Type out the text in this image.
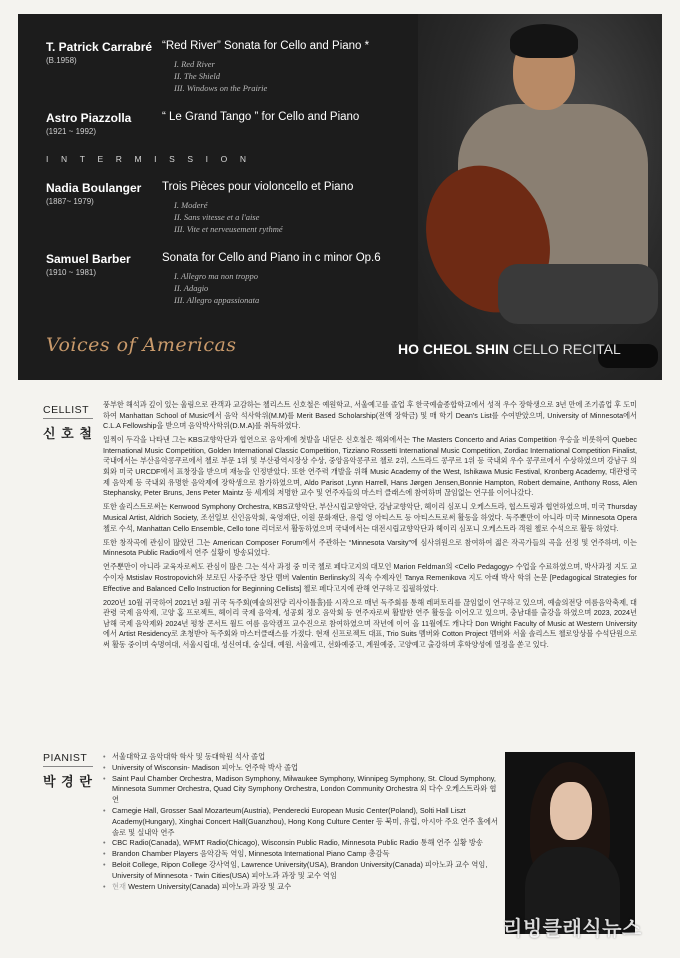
T. Patrick Carrabré
(B.1958)
“Red River” Sonata for Cello and Piano *
I. Red River
II. The Shield
III. Windows on the Prairie
Astro Piazzolla
(1921 ~ 1992)
“ Le Grand Tango ” for Cello and Piano
INTERMISSION
Nadia Boulanger
(1887~ 1979)
Trois Pièces pour violoncello et Piano
I. Moderé
II. Sans vitesse et a l'aise
III. Vite et nerveusement rythmé
Samuel Barber
(1910 ~ 1981)
Sonata for Cello and Piano in c minor Op.6
I. Allegro ma non troppo
II. Adagio
III. Allegro appassionata
Voices of Americas	HO CHEOL SHIN CELLO RECITAL
CELLIST
신 호 철

풍부한 해석과 깊이 있는 울림으로 관객과 교감하는 첼리스트 신호철은 예원학교, 서울예고를 졸업 후 한국예술종합학교에서 성적 우수 장학생으로 3년 만에 조기졸업 후 도미하여 Manhattan School of Music에서 음악 석사학위(M.M)를 Merit Based Scholarship(전액 장학금) 및 매 학기 Dean's List를 수여받았으며, University of Minnesota에서 C.L.A Fellowship을 받으며 음악박사학위(D.M.A)를 취득하였다.

일찍이 두각을 나타낸 그는 KBS교향악단과 협연으로 음악계에 첫발을 내딛은 신호철은 해외에서는 The Masters Concerto and Arias Competition 우승을 비롯하여 Quebec International Music Competition, Golden International Classic Competition, Tizziano Rossetti International Music Competition, Zordiac International Competition Finalist, 국내에서는 부산음악콩쿠르에서 첼로 부문 1위 및 부산광역시장상 수상, 중앙음악콩쿠르 첼로 2위, 스트라드 콩쿠르 1위 등 국내외 우수 콩쿠르에서 수상하였으며 강남구 의회와 미국 URCDF에서 표창장을 받으며 재능을 인정받았다. 또한 연주력 개발을 위해 Music Academy of the West, Ishikawa Music Festival, Kronberg Academy, 대관령국제 음악제 등 국내외 유명한 음악제에 장학생으로 참가하였으며, Aldo Parisot ,Lynn Harrell, Hans Jørgen Jensen,Bonnie Hampton, Robert demaine, Anthony Ross, Alen Stephansky, Peter Bruns, Jens Peter Maintz 등 세계의 저명한 교수 및 연주자들의 마스터 클래스에 참여하며 끊임없는 연구를 이어나갔다.

또한 솔리스트로써는 Kenwood Symphony Orchestra, KBS교향악단, 부산시립교향악단, 강남교향악단, 헤이리 심포니 오케스트라, 협스트링과 협연하였으며, 미국 Thursday Musical Artist, Aldrich Society, 조선일보 신인음악회, 육영재단, 이원 문화재단, 유럽 영 아티스트 등 아티스트로써 활동을 하였다. 독주뿐만이 아니라 미국 Minnesota Opera 첼로 수석, Manhattan Cello Ensemble, Cello tone 리더로서 활동하였으며 국내에서는 대전시립교향악단과 헤이리 심포니 오케스트라 객원 첼로 수석으로 활동 하였다.

또한 창작곡에 관심이 많았던 그는 American Composer Forum에서 주관하는 “Minnesota Varsity”에 심사위원으로 참여하여 젊은 작곡가들의 곡을 선정 및 연주하며, 이는 Minnesota Public Radio에서 연주 실황이 방송되었다.

연주뿐만이 아니라 교육자로써도 관심이 많은 그는 석사 과정 중 미국 첼로 페다고지의 대모인 Marion Feldman의 <Cello Pedagogy> 수업을 수료하였으며, 박사과정 지도 교수이자 Mstislav Rostropovich와 보로딘 사중주단 창단 멤버 Valentin Berlinsky의 직속 수제자인 Tanya Remenikova 지도 아래 박사 학위 논문 [Pedagogical Strategies for Effective and Balanced Cello Instruction for Beginning Cellists] 첼로 페다고지에 관해 연구하고 집필하였다.

2020년 10월 귀국하여 2021년 3월 귀국 독주회(예술의전당 리사이틀홀)를 시작으로 매년 독주회를 통해 레퍼토리를 끊임없이 연구하고 있으며, 예술의전당 여름음악축제, 대관령 국제 음악제, 고양 홈 프로젝트, 헤이리 국제 음악제, 성공회 정오 음악회 등 연주자로써 활발한 연주 활동을 이어오고 있으며, 충남대를 출강을 하였으며 2023, 2024년 남해 국제 음악제와 2024년 평창 콘서트 월드 여름 음악캠프 교수진으로 참여하였으며 작년에 이어 올 11월에도 캐나다 Don Wright Faculty of Music at Western University에서 Artist Residency로 초청받아 독주회와 마스터클래스를 가졌다. 현재 신프로젝트 대표, Trio Suits 멤버와 Cotton Project 멤버와 서울 솔리스트 첼로앙상블 수석단원으로써 활동 중이며 숙명여대, 서울시립대, 성신여대, 숭실대, 예원, 서울예고, 선화예중고, 계원예중, 고양예고 출강하며 후학양성에 열정을 쏟고 있다.

PIANIST
박 경 란
• 서울대학교 음악대학 학사 및 동대학원 석사 졸업
• University of Wisconsin- Madison 피아노 연주학 박사 졸업
• Saint Paul Chamber Orchestra, Madison Symphony, Milwaukee Symphony, Winnipeg Symphony, St. Cloud Symphony, Minnesota Summer Orchestra, Quad City Symphony Orchestra, London Community Orchestra 외 다수 오케스트라와 협연
• Carnegie Hall, Grosser Saal Mozarteum(Austria), Penderecki European Music Center(Poland), Solti Hall Liszt Academy(Hungary), Xinghai Concert Hall(Guanzhou), Hong Kong Culture Center 등 북미, 유럽, 아시아 주요 연주 홀에서 솔로 및 실내악 연주
• CBC Radio(Canada), WFMT Radio(Chicago), Wisconsin Public Radio, Minnesota Public Radio 통해 연주 실황 방송
• Brandon Chamber Players 음악감독 역임, Minnesota International Piano Camp 총감독
• Beloit College, Ripon College 강사역임, Lawrence University(USA), Brandon University(Canada) 피아노과 교수 역임, University of Minnesota - Twin Cities(USA) 피아노과 과장 및 교수 역임
• 현재 Western University(Canada) 피아노과 과장 및 교수
리빙클래식뉴스
